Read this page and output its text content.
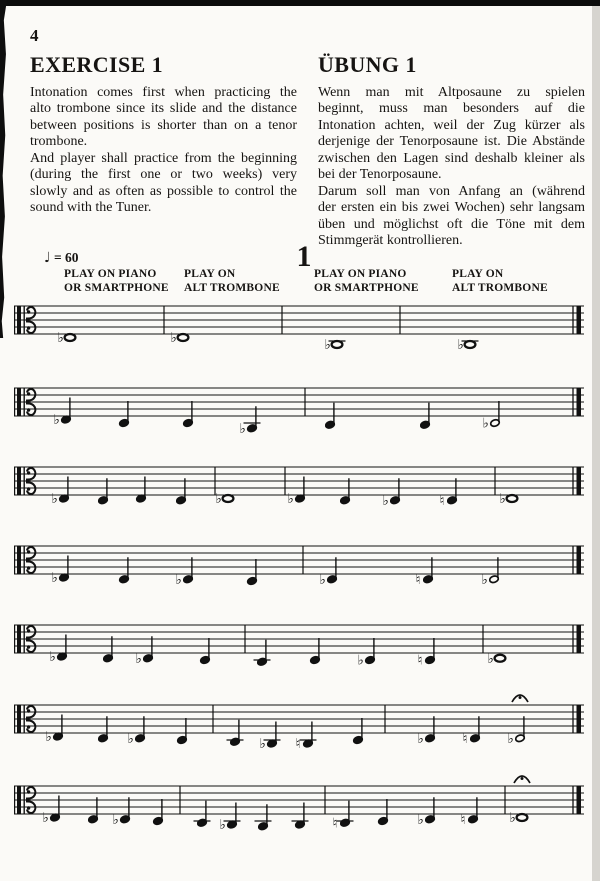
4
EXERCISE 1
Intonation comes first when practicing the
alto trombone since its slide and the distance
between positions is shorter than on a tenor
trombone.
And player shall practice from the beginning
(during the first one or two weeks) very
slowly and as often as possible to control the
sound with the Tuner.
ÜBUNG 1
Wenn man mit Altposaune zu spielen
beginnt, muss man besonders auf die
Intonation achten, weil der Zug kürzer als
derjenige der Tenorposaune ist. Die Abstände
zwischen den Lagen sind deshalb kleiner als
bei der Tenorposaune.
Darum soll man von Anfang an (während
der ersten ein bis zwei Wochen) sehr langsam
üben und möglichst oft die Töne mit dem
Stimmgerät kontrollieren.
♩ = 60	1
PLAY ON PIANO
OR SMARTPHONE
PLAY ON
ALT TROMBONE
PLAY ON PIANO
OR SMARTPHONE
PLAY ON
ALT TROMBONE
♭	♭	♭	♭
♭
♭	♭
♭	♭	♭	♭	♮	♭
♭	♭	♭	♮	♭
♭	♭	♭	♮	♭
♭	♭	♭ ♮	♭	♮	♭
♭	♭	♭	♮	♭	♮	♭
